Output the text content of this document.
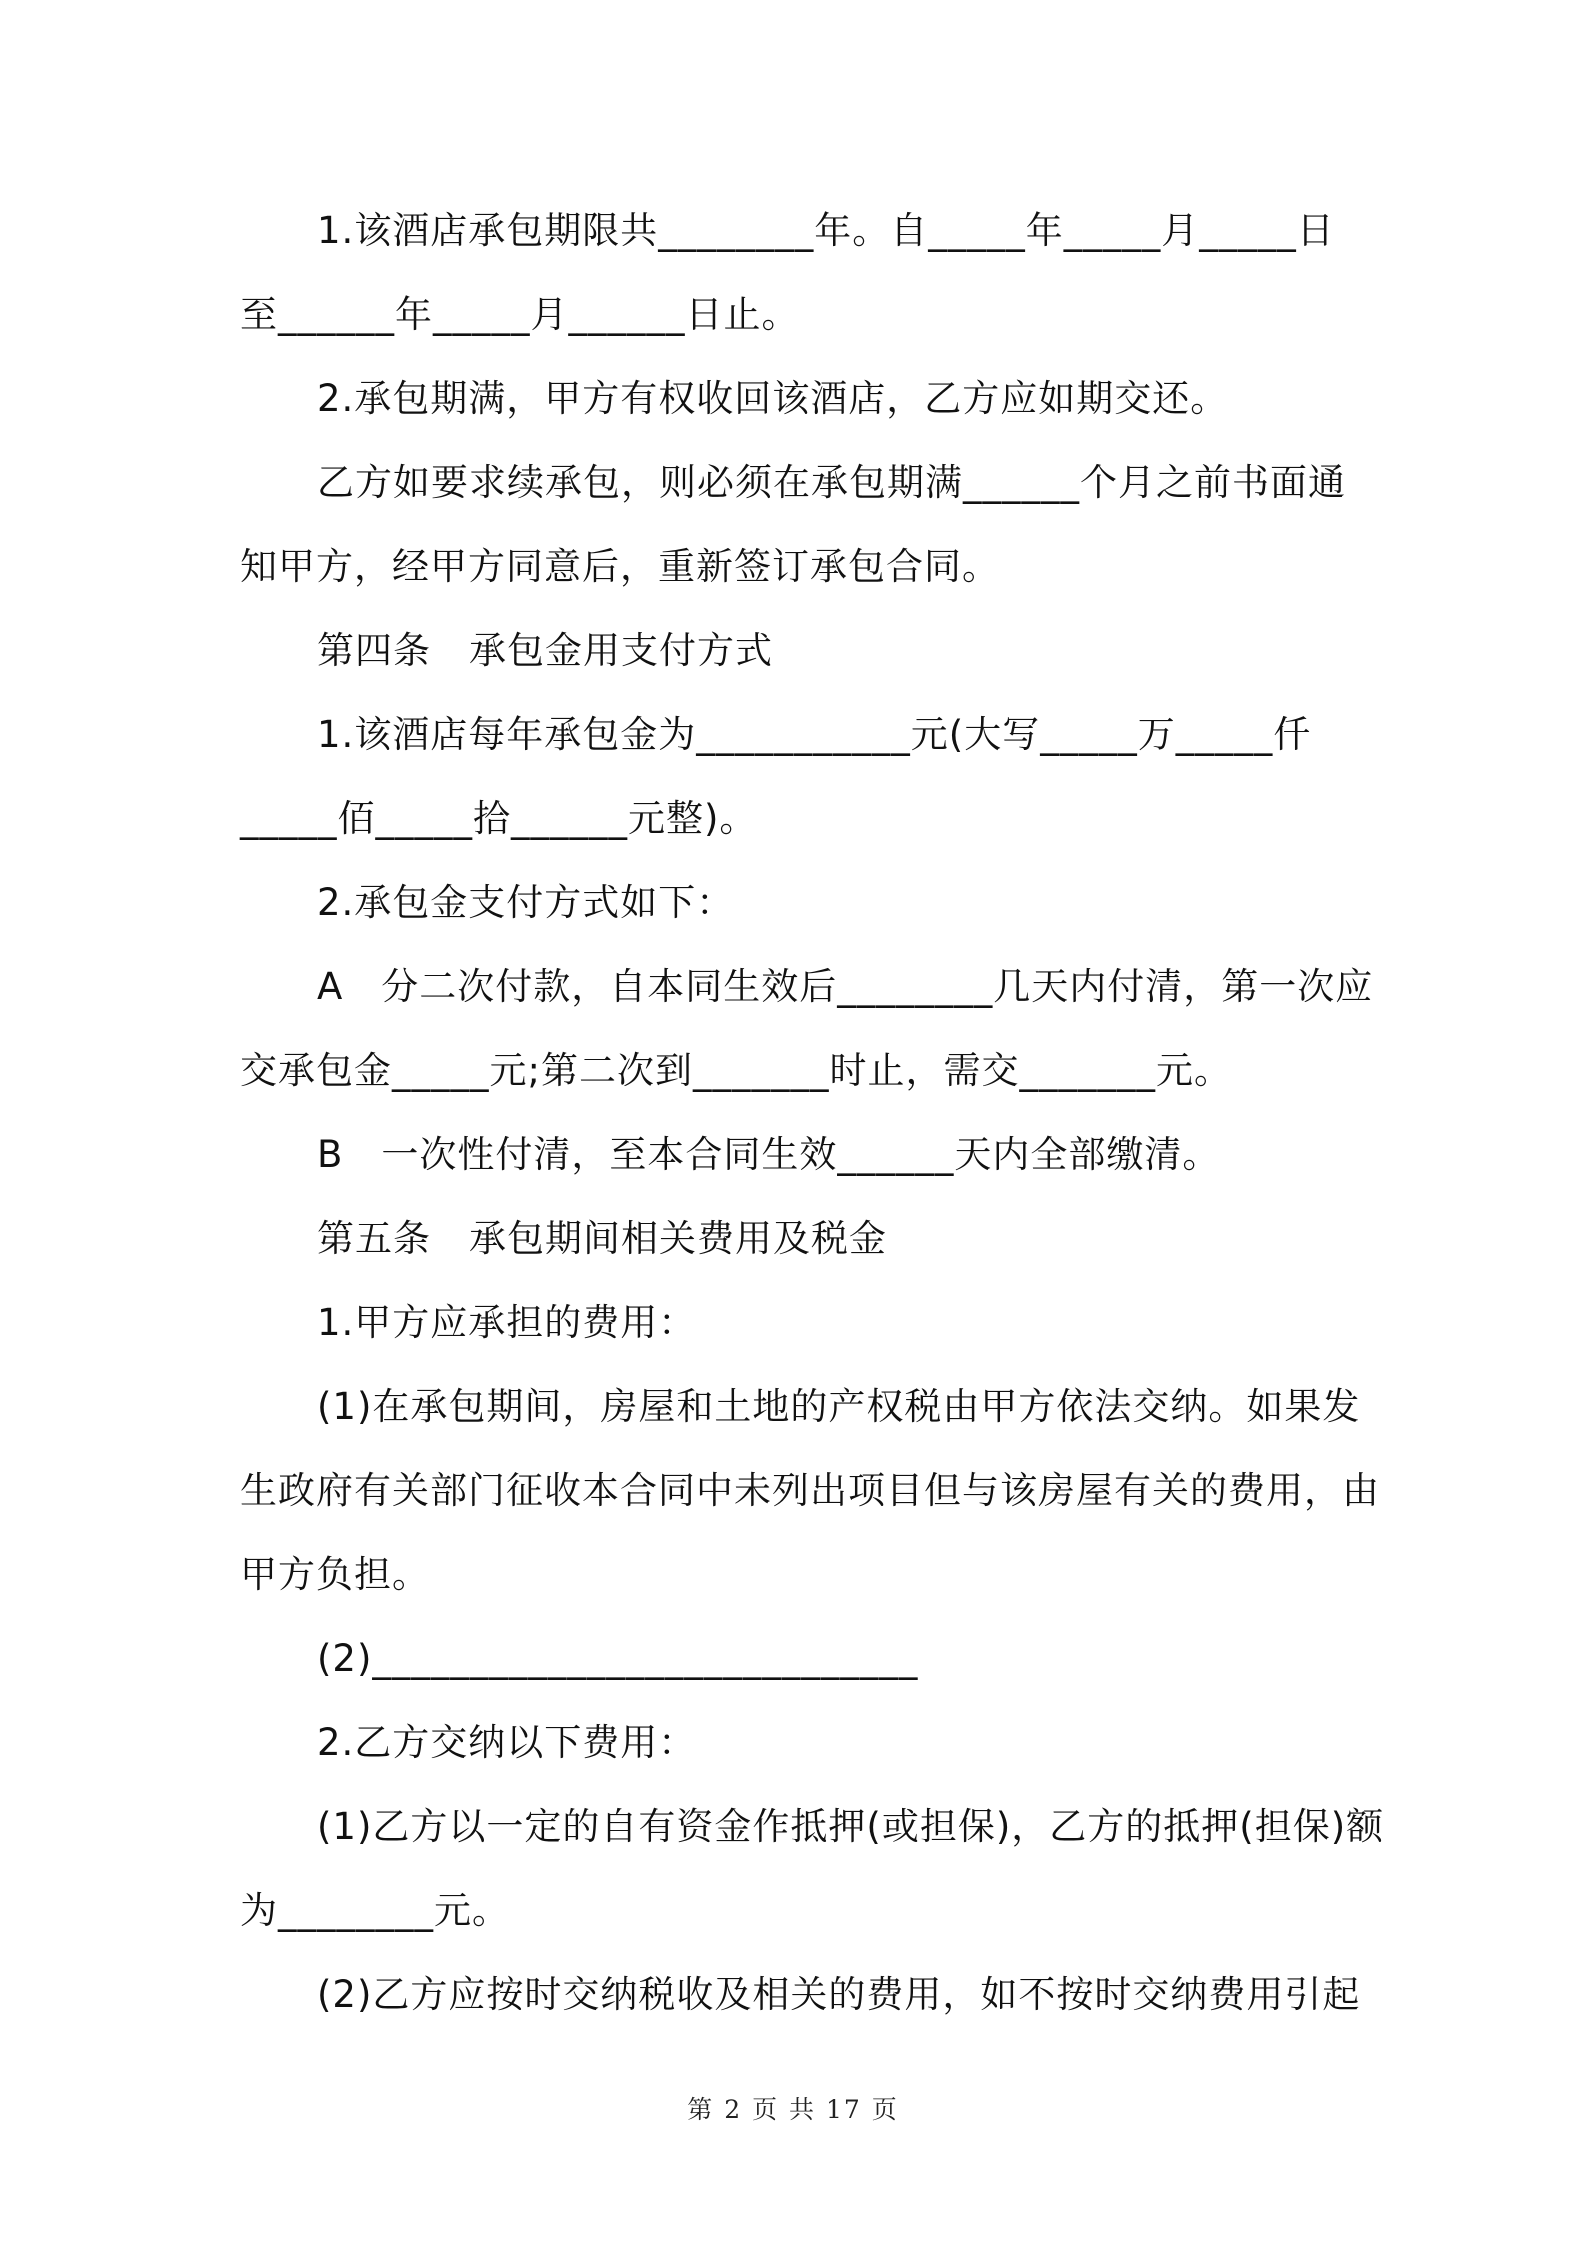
1.该酒店承包期限共________年。自_____年_____月_____日
至______年_____月______日止。
2.承包期满，甲方有权收回该酒店，乙方应如期交还。
乙方如要求续承包，则必须在承包期满______个月之前书面通
知甲方，经甲方同意后，重新签订承包合同。
第四条　承包金用支付方式
1.该酒店每年承包金为___________元(大写_____万_____仟
_____佰_____拾______元整)。
2.承包金支付方式如下：
A　分二次付款，自本同生效后________几天内付清，第一次应
交承包金_____元;第二次到_______时止，需交_______元。
B　一次性付清，至本合同生效______天内全部缴清。
第五条　承包期间相关费用及税金
1.甲方应承担的费用：
(1)在承包期间，房屋和土地的产权税由甲方依法交纳。如果发
生政府有关部门征收本合同中未列出项目但与该房屋有关的费用，由
甲方负担。
(2)____________________________
2.乙方交纳以下费用：
(1)乙方以一定的自有资金作抵押(或担保)，乙方的抵押(担保)额
为________元。
(2)乙方应按时交纳税收及相关的费用，如不按时交纳费用引起
第 2 页 共 17 页
